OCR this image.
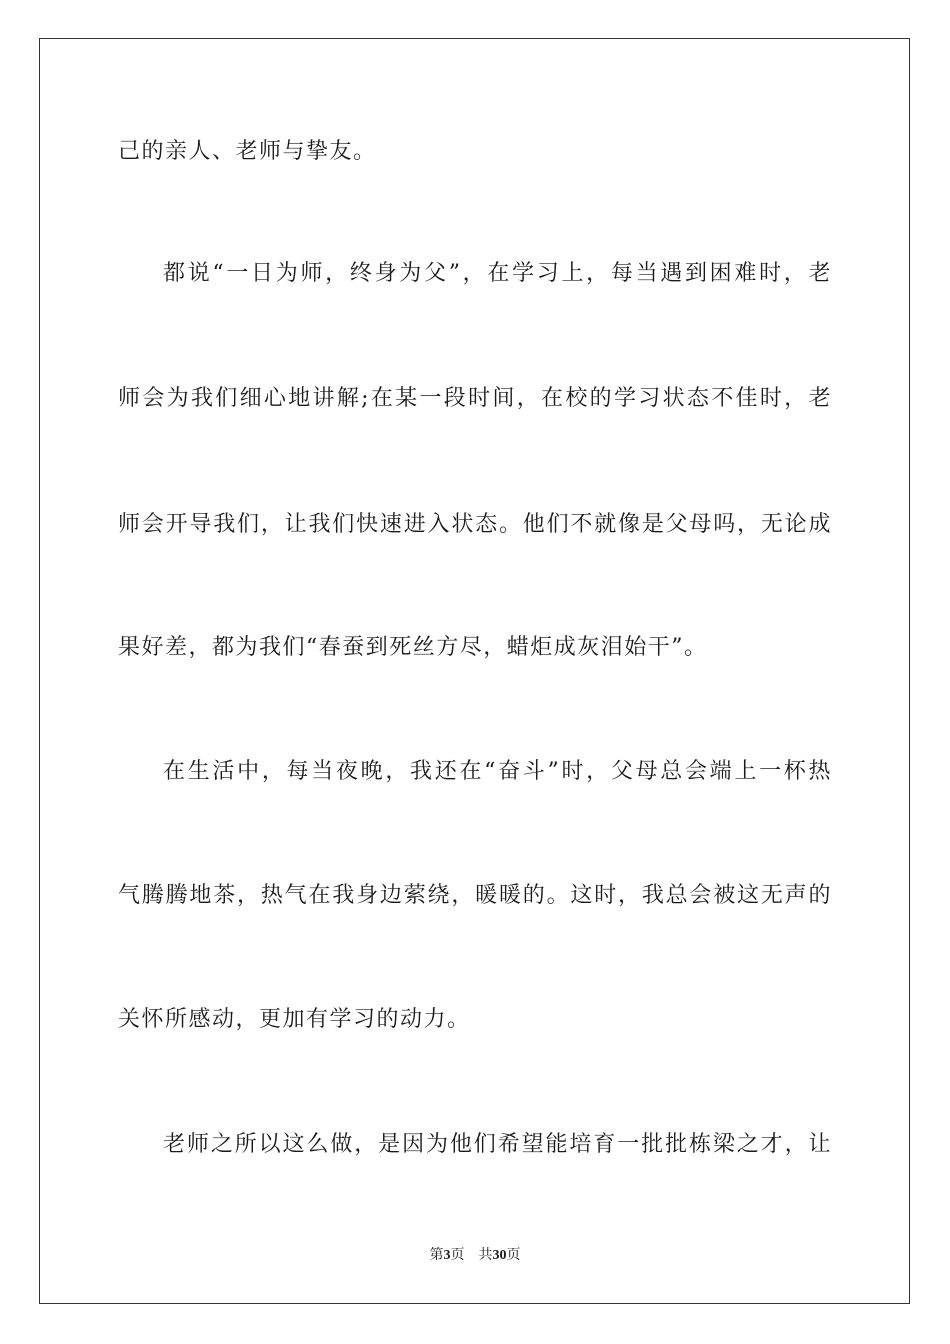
己的亲人、老师与挚友。
都说“一日为师，终身为父”，在学习上，每当遇到困难时，老
师会为我们细心地讲解;在某一段时间，在校的学习状态不佳时，老
师会开导我们，让我们快速进入状态。他们不就像是父母吗，无论成
果好差，都为我们“春蚕到死丝方尽，蜡炬成灰泪始干”。
在生活中，每当夜晚，我还在“奋斗”时，父母总会端上一杯热
气腾腾地茶，热气在我身边萦绕，暖暖的。这时，我总会被这无声的
关怀所感动，更加有学习的动力。
老师之所以这么做，是因为他们希望能培育一批批栋梁之才，让
第3页 共30页
